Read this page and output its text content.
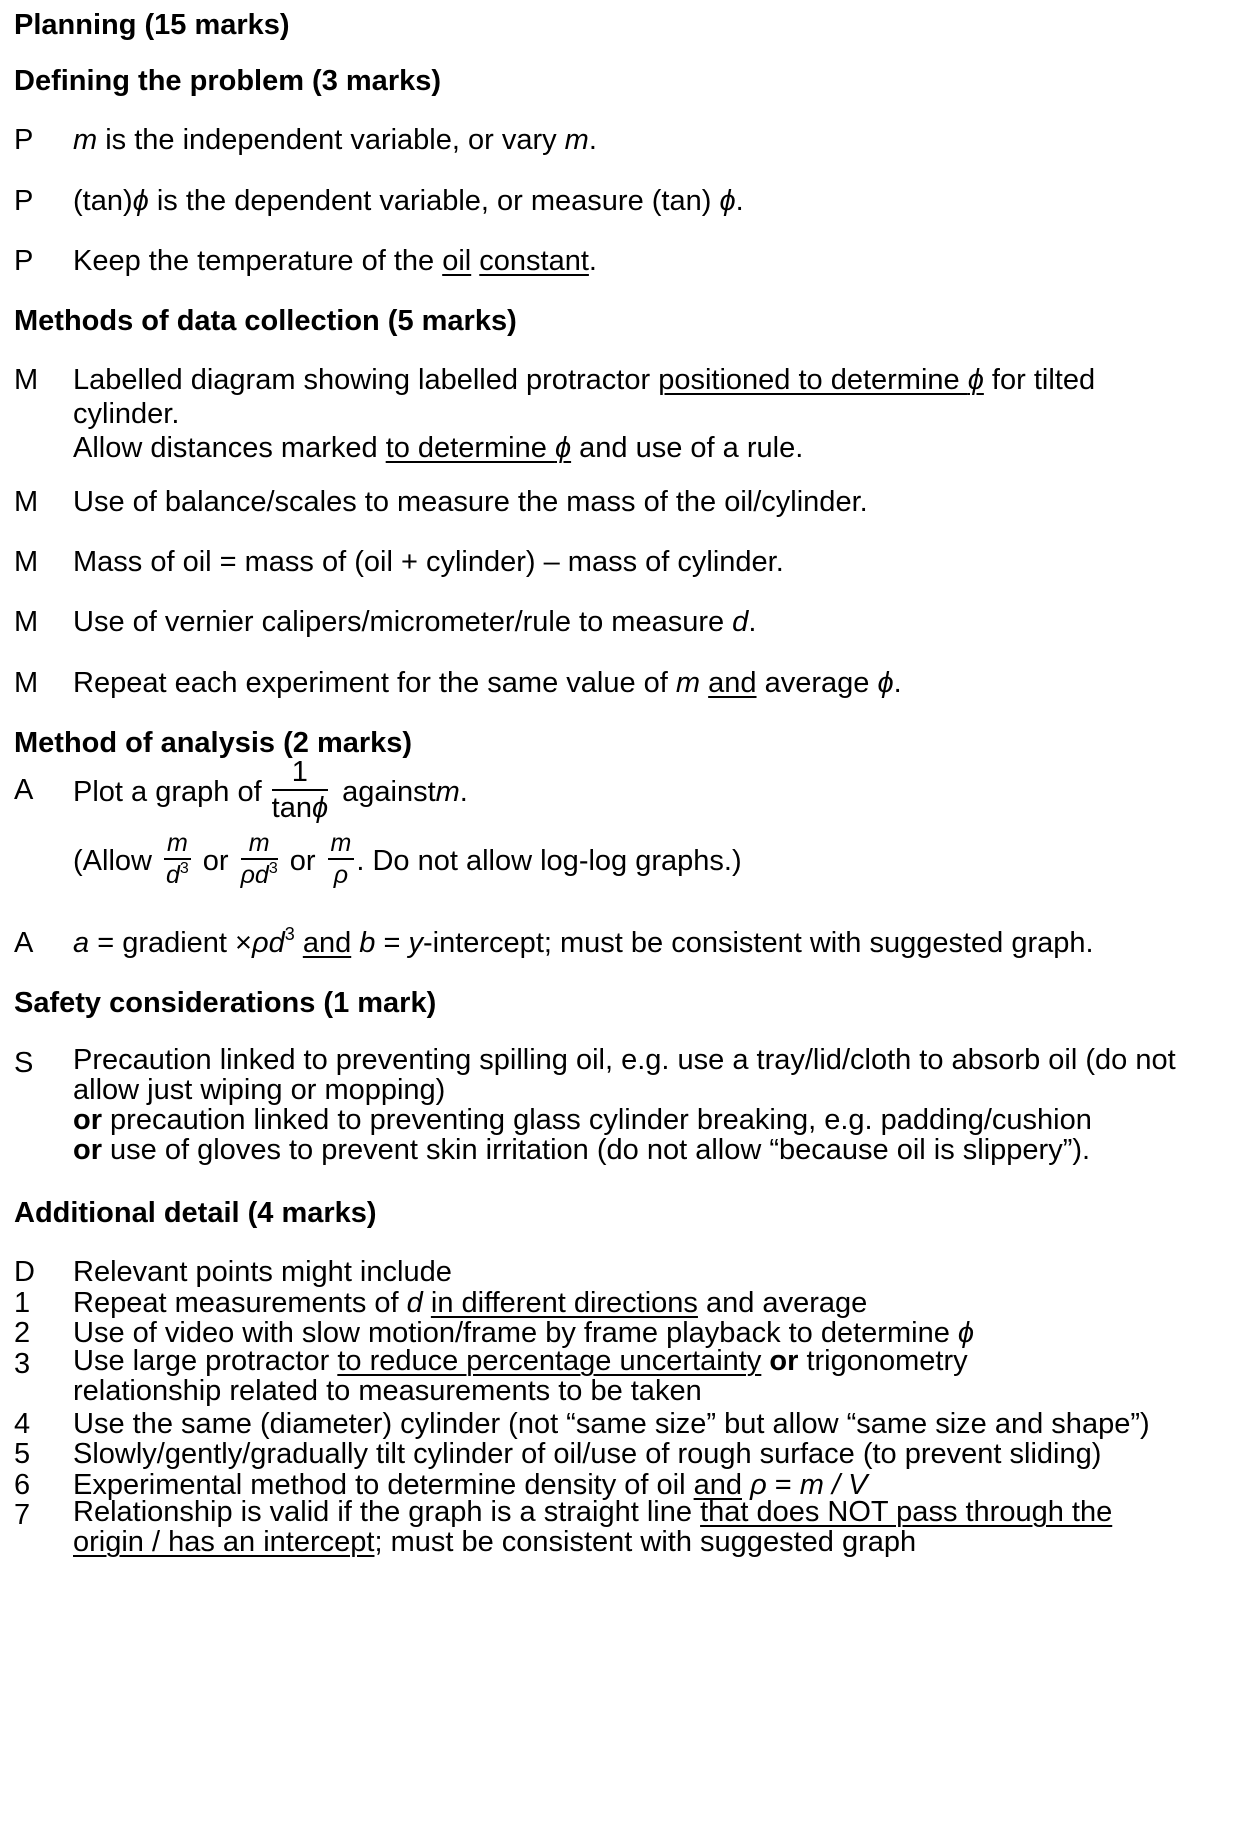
Planning (15 marks)
Defining the problem (3 marks)
P	m is the independent variable, or vary m.
P	(tan)ϕ is the dependent variable, or measure (tan) ϕ.
P	Keep the temperature of the oil constant.
Methods of data collection (5 marks)
M	Labelled diagram showing labelled protractor positioned to determine ϕ for tilted
cylinder.
Allow distances marked to determine ϕ and use of a rule.
M	Use of balance/scales to measure the mass of the oil/cylinder.
M	Mass of oil = mass of (oil + cylinder) – mass of cylinder.
M	Use of vernier calipers/micrometer/rule to measure d.
M	Repeat each experiment for the same value of m and average ϕ.
Method of analysis (2 marks)
A	Plot a graph of $\frac{1}{\tan\phi}$ against m .
(Allow $\frac{m}{d^3}$ or $\frac{m}{\rho d^3}$ or $\frac{m}{\rho}$ . Do not allow log-log graphs.)
A	a = gradient $\times\rho d^3$ and b = y-intercept; must be consistent with suggested graph.
Safety considerations (1 mark)
S	Precaution linked to preventing spilling oil, e.g. use a tray/lid/cloth to absorb oil (do not
allow just wiping or mopping)
or precaution linked to preventing glass cylinder breaking, e.g. padding/cushion
or use of gloves to prevent skin irritation (do not allow “because oil is slippery”).
Additional detail (4 marks)
D	Relevant points might include
1	Repeat measurements of d in different directions and average
2	Use of video with slow motion/frame by frame playback to determine ϕ
3	Use large protractor to reduce percentage uncertainty or trigonometry
relationship related to measurements to be taken
4	Use the same (diameter) cylinder (not “same size” but allow “same size and shape”)
5	Slowly/gently/gradually tilt cylinder of oil/use of rough surface (to prevent sliding)
6	Experimental method to determine density of oil and ρ = m / V
7	Relationship is valid if the graph is a straight line that does NOT pass through the
origin / has an intercept; must be consistent with suggested graph
